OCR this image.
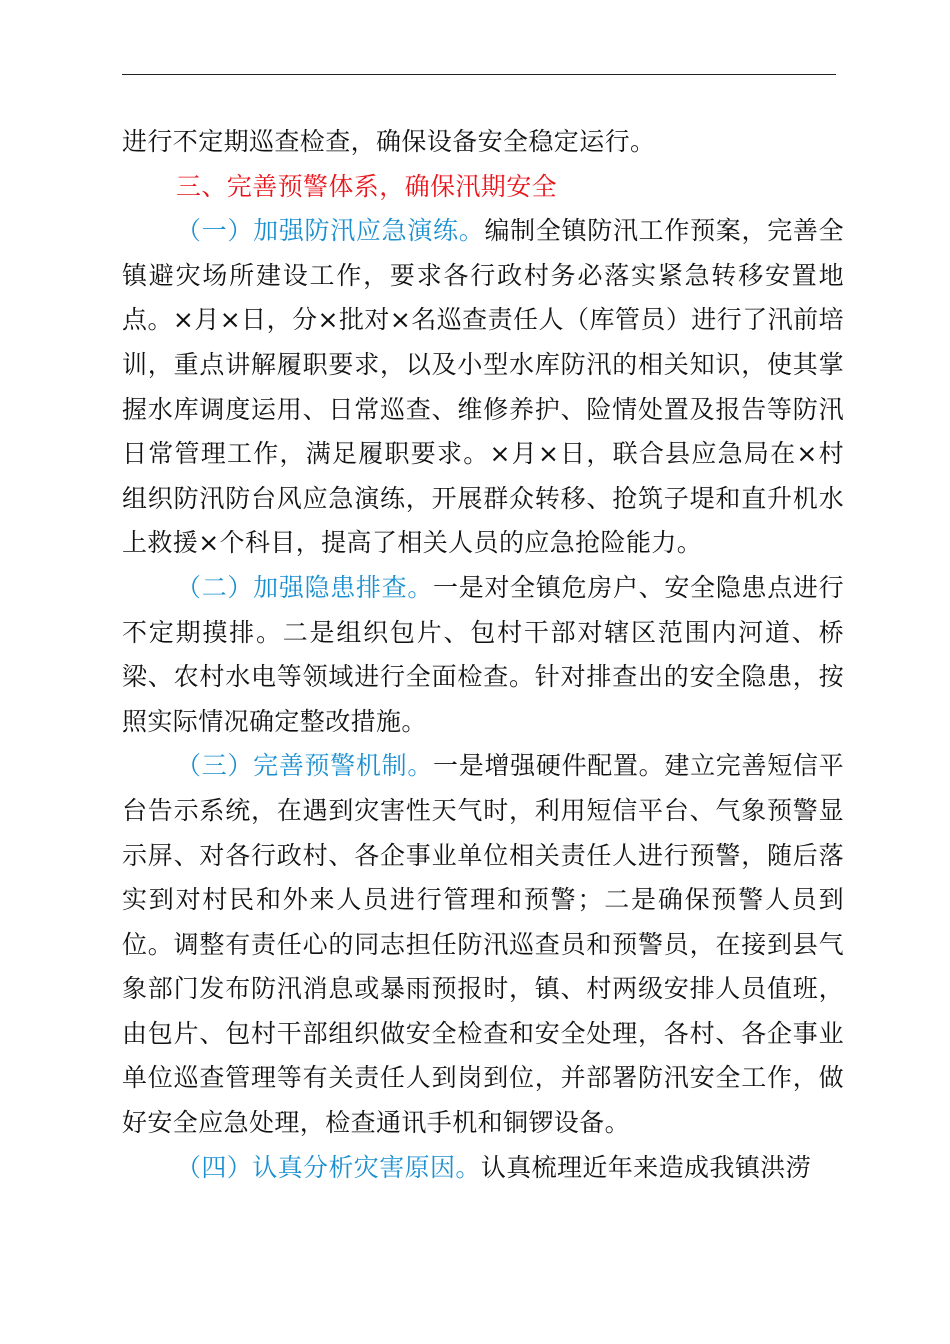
进行不定期巡查检查，确保设备安全稳定运行。

三、完善预警体系，确保汛期安全

（一）加强防汛应急演练。编制全镇防汛工作预案，完善全镇避灾场所建设工作，要求各行政村务必落实紧急转移安置地点。×月×日，分×批对×名巡查责任人（库管员）进行了汛前培训，重点讲解履职要求，以及小型水库防汛的相关知识，使其掌握水库调度运用、日常巡查、维修养护、险情处置及报告等防汛日常管理工作，满足履职要求。×月×日，联合县应急局在×村组织防汛防台风应急演练，开展群众转移、抢筑子堤和直升机水上救援×个科目，提高了相关人员的应急抢险能力。

（二）加强隐患排查。一是对全镇危房户、安全隐患点进行不定期摸排。二是组织包片、包村干部对辖区范围内河道、桥梁、农村水电等领域进行全面检查。针对排查出的安全隐患，按照实际情况确定整改措施。

（三）完善预警机制。一是增强硬件配置。建立完善短信平台告示系统，在遇到灾害性天气时，利用短信平台、气象预警显示屏、对各行政村、各企事业单位相关责任人进行预警，随后落实到对村民和外来人员进行管理和预警；二是确保预警人员到位。调整有责任心的同志担任防汛巡查员和预警员，在接到县气象部门发布防汛消息或暴雨预报时，镇、村两级安排人员值班，由包片、包村干部组织做安全检查和安全处理，各村、各企事业单位巡查管理等有关责任人到岗到位，并部署防汛安全工作，做好安全应急处理，检查通讯手机和铜锣设备。

（四）认真分析灾害原因。认真梳理近年来造成我镇洪涝
